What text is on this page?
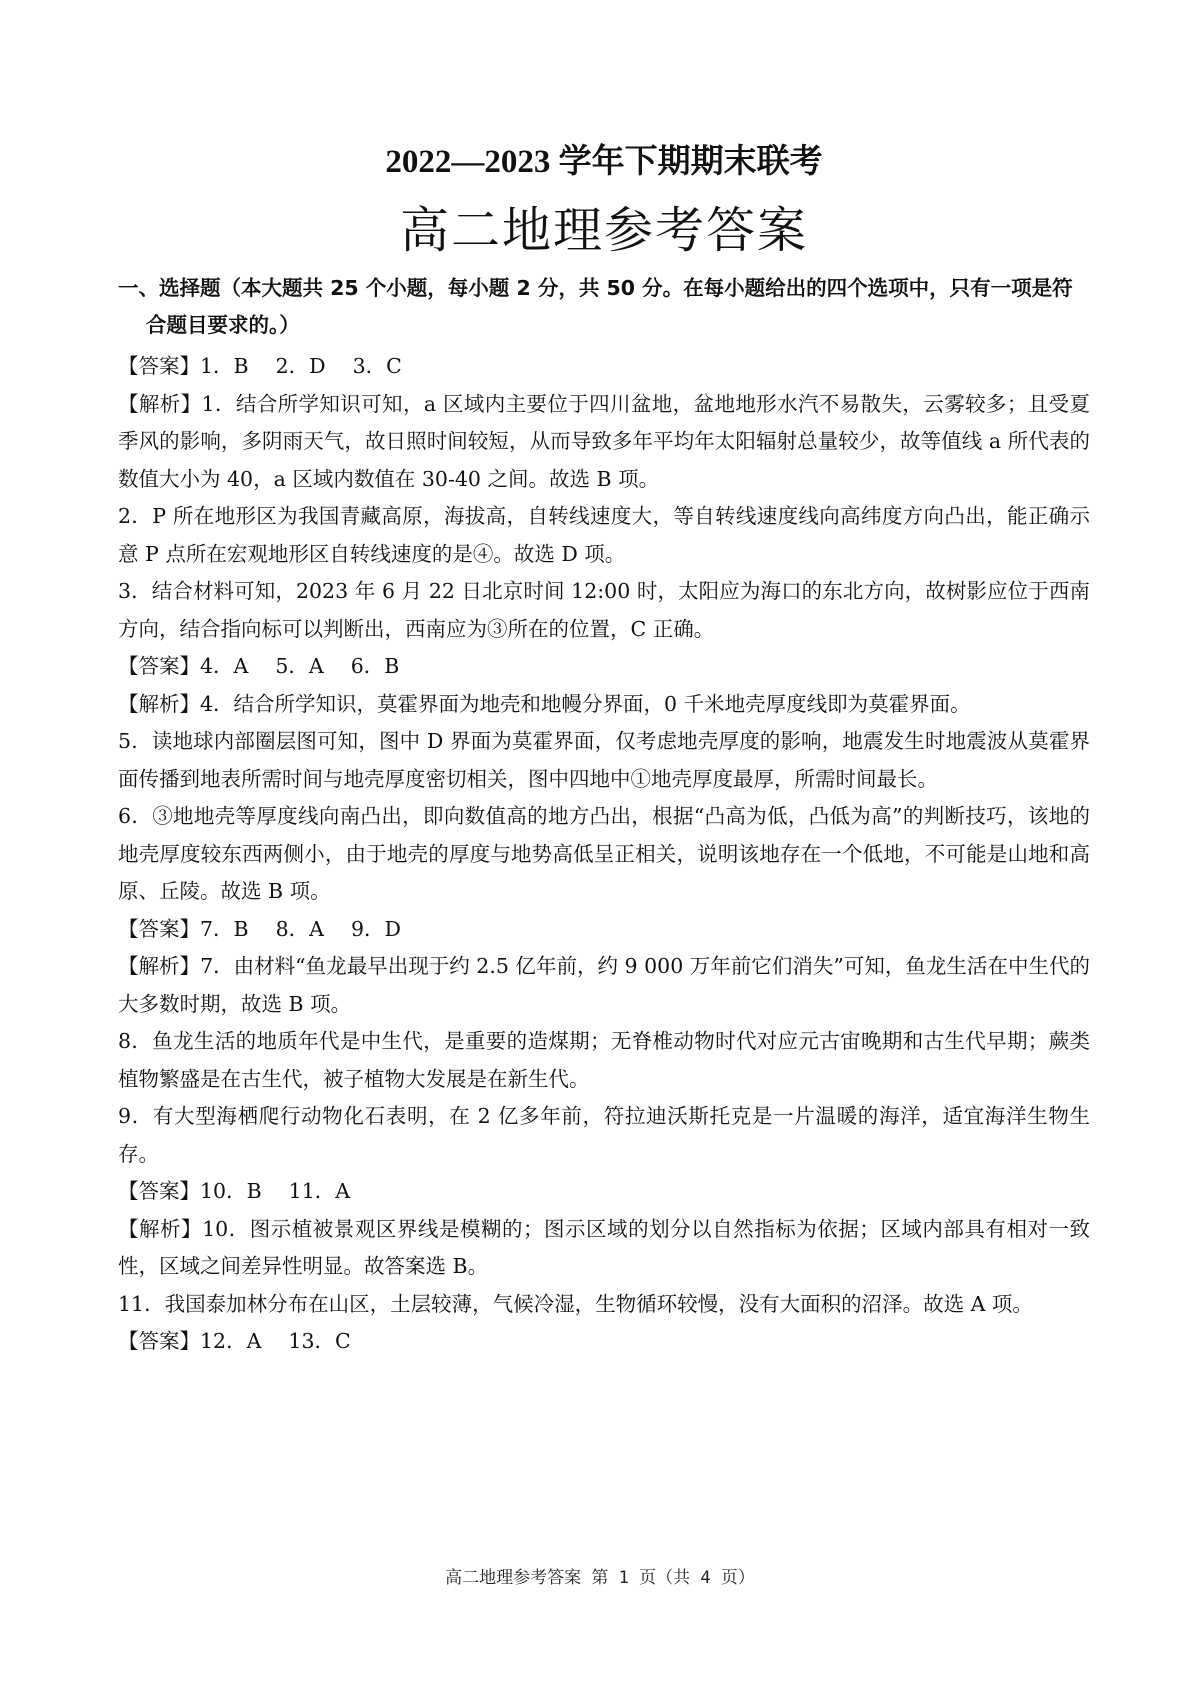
2022—2023 学年下期期末联考
高二地理参考答案
一、选择题（本大题共 25 个小题，每小题 2 分，共 50 分。在每小题给出的四个选项中，只有一项是符合题目要求的。）

【答案】1．B　 2．D　 3．C

【解析】1．结合所学知识可知，a 区域内主要位于四川盆地，盆地地形水汽不易散失，云雾较多；且受夏季风的影响，多阴雨天气，故日照时间较短，从而导致多年平均年太阳辐射总量较少，故等值线 a 所代表的数值大小为 40，a 区域内数值在 30-40 之间。故选 B 项。

2．P 所在地形区为我国青藏高原，海拔高，自转线速度大，等自转线速度线向高纬度方向凸出，能正确示意 P 点所在宏观地形区自转线速度的是④。故选 D 项。

3．结合材料可知，2023 年 6 月 22 日北京时间 12:00 时，太阳应为海口的东北方向，故树影应位于西南方向，结合指向标可以判断出，西南应为③所在的位置，C 正确。

【答案】4．A　 5．A　 6．B

【解析】4．结合所学知识，莫霍界面为地壳和地幔分界面，0 千米地壳厚度线即为莫霍界面。

5．读地球内部圈层图可知，图中 D 界面为莫霍界面，仅考虑地壳厚度的影响，地震发生时地震波从莫霍界面传播到地表所需时间与地壳厚度密切相关，图中四地中①地壳厚度最厚，所需时间最长。

6．③地地壳等厚度线向南凸出，即向数值高的地方凸出，根据“凸高为低，凸低为高”的判断技巧，该地的地壳厚度较东西两侧小，由于地壳的厚度与地势高低呈正相关，说明该地存在一个低地，不可能是山地和高原、丘陵。故选 B 项。

【答案】7．B　 8．A　 9．D

【解析】7．由材料“鱼龙最早出现于约 2.5 亿年前，约 9 000 万年前它们消失”可知，鱼龙生活在中生代的大多数时期，故选 B 项。

8．鱼龙生活的地质年代是中生代，是重要的造煤期；无脊椎动物时代对应元古宙晚期和古生代早期；蕨类植物繁盛是在古生代，被子植物大发展是在新生代。

9．有大型海栖爬行动物化石表明，在 2 亿多年前，符拉迪沃斯托克是一片温暖的海洋，适宜海洋生物生存。

【答案】10．B　 11．A

【解析】10．图示植被景观区界线是模糊的；图示区域的划分以自然指标为依据；区域内部具有相对一致性，区域之间差异性明显。故答案选 B。

11．我国泰加林分布在山区，土层较薄，气候冷湿，生物循环较慢，没有大面积的沼泽。故选 A 项。

【答案】12．A　 13．C

高二地理参考答案 第 1 页（共 4 页）
